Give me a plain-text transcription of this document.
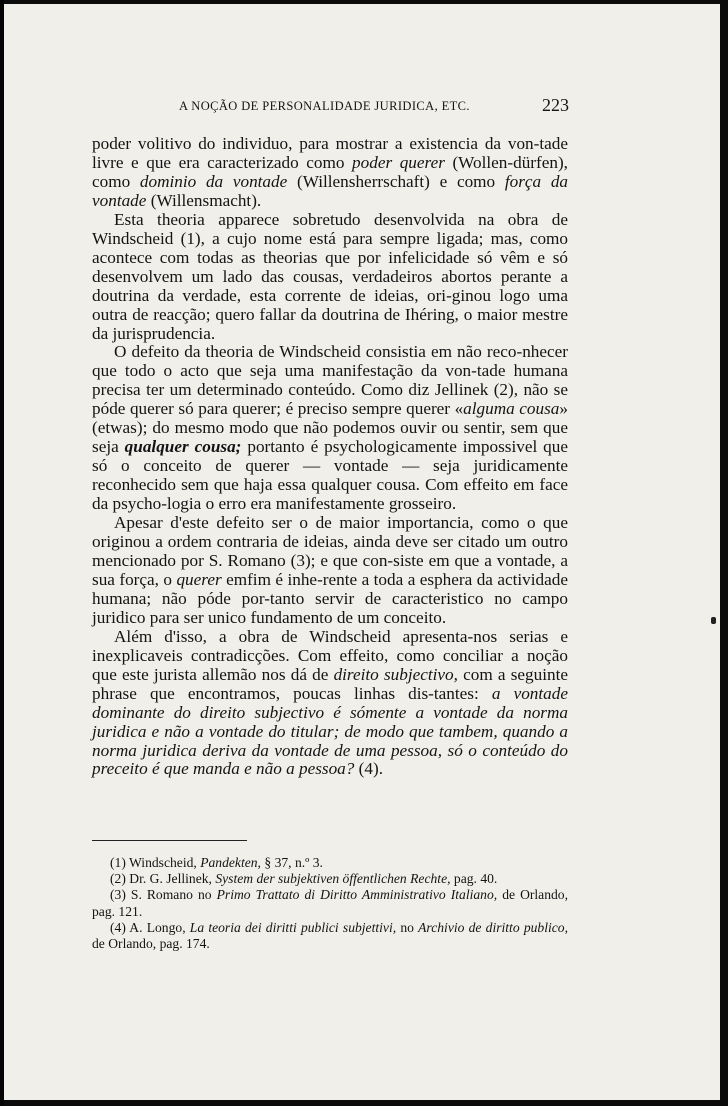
A NOÇÃO DE PERSONALIDADE JURIDICA, ETC.	223

poder volitivo do individuo, para mostrar a existencia da von-tade livre e que era caracterizado como poder querer (Wollen-dürfen), como dominio da vontade (Willensherrschaft) e como força da vontade (Willensmacht).

Esta theoria apparece sobretudo desenvolvida na obra de Windscheid (1), a cujo nome está para sempre ligada; mas, como acontece com todas as theorias que por infelicidade só vêm e só desenvolvem um lado das cousas, verdadeiros abortos perante a doutrina da verdade, esta corrente de ideias, ori-ginou logo uma outra de reacção; quero fallar da doutrina de Ihéring, o maior mestre da jurisprudencia.

O defeito da theoria de Windscheid consistia em não reco-nhecer que todo o acto que seja uma manifestação da von-tade humana precisa ter um determinado conteúdo. Como diz Jellinek (2), não se póde querer só para querer; é preciso sempre querer «alguma cousa» (etwas); do mesmo modo que não podemos ouvir ou sentir, sem que seja qualquer cousa; portanto é psychologicamente impossivel que só o conceito de querer — vontade — seja juridicamente reconhecido sem que haja essa qualquer cousa. Com effeito em face da psycho-logia o erro era manifestamente grosseiro.

Apesar d'este defeito ser o de maior importancia, como o que originou a ordem contraria de ideias, ainda deve ser citado um outro mencionado por S. Romano (3); e que con-siste em que a vontade, a sua força, o querer emfim é inhe-rente a toda a esphera da actividade humana; não póde por-tanto servir de caracteristico no campo juridico para ser unico fundamento de um conceito.

Além d'isso, a obra de Windscheid apresenta-nos serias e inexplicaveis contradicções. Com effeito, como conciliar a noção que este jurista allemão nos dá de direito subjectivo, com a seguinte phrase que encontramos, poucas linhas dis-tantes: a vontade dominante do direito subjectivo é sómente a vontade da norma juridica e não a vontade do titular; de modo que tambem, quando a norma juridica deriva da vontade de uma pessoa, só o conteúdo do preceito é que manda e não a pessoa? (4).

(1) Windscheid, Pandekten, § 37, n.º 3.

(2) Dr. G. Jellinek, System der subjektiven öffentlichen Rechte, pag. 40.

(3) S. Romano no Primo Trattato di Diritto Amministrativo Italiano, de Orlando, pag. 121.

(4) A. Longo, La teoria dei diritti publici subjettivi, no Archivio de diritto publico, de Orlando, pag. 174.
